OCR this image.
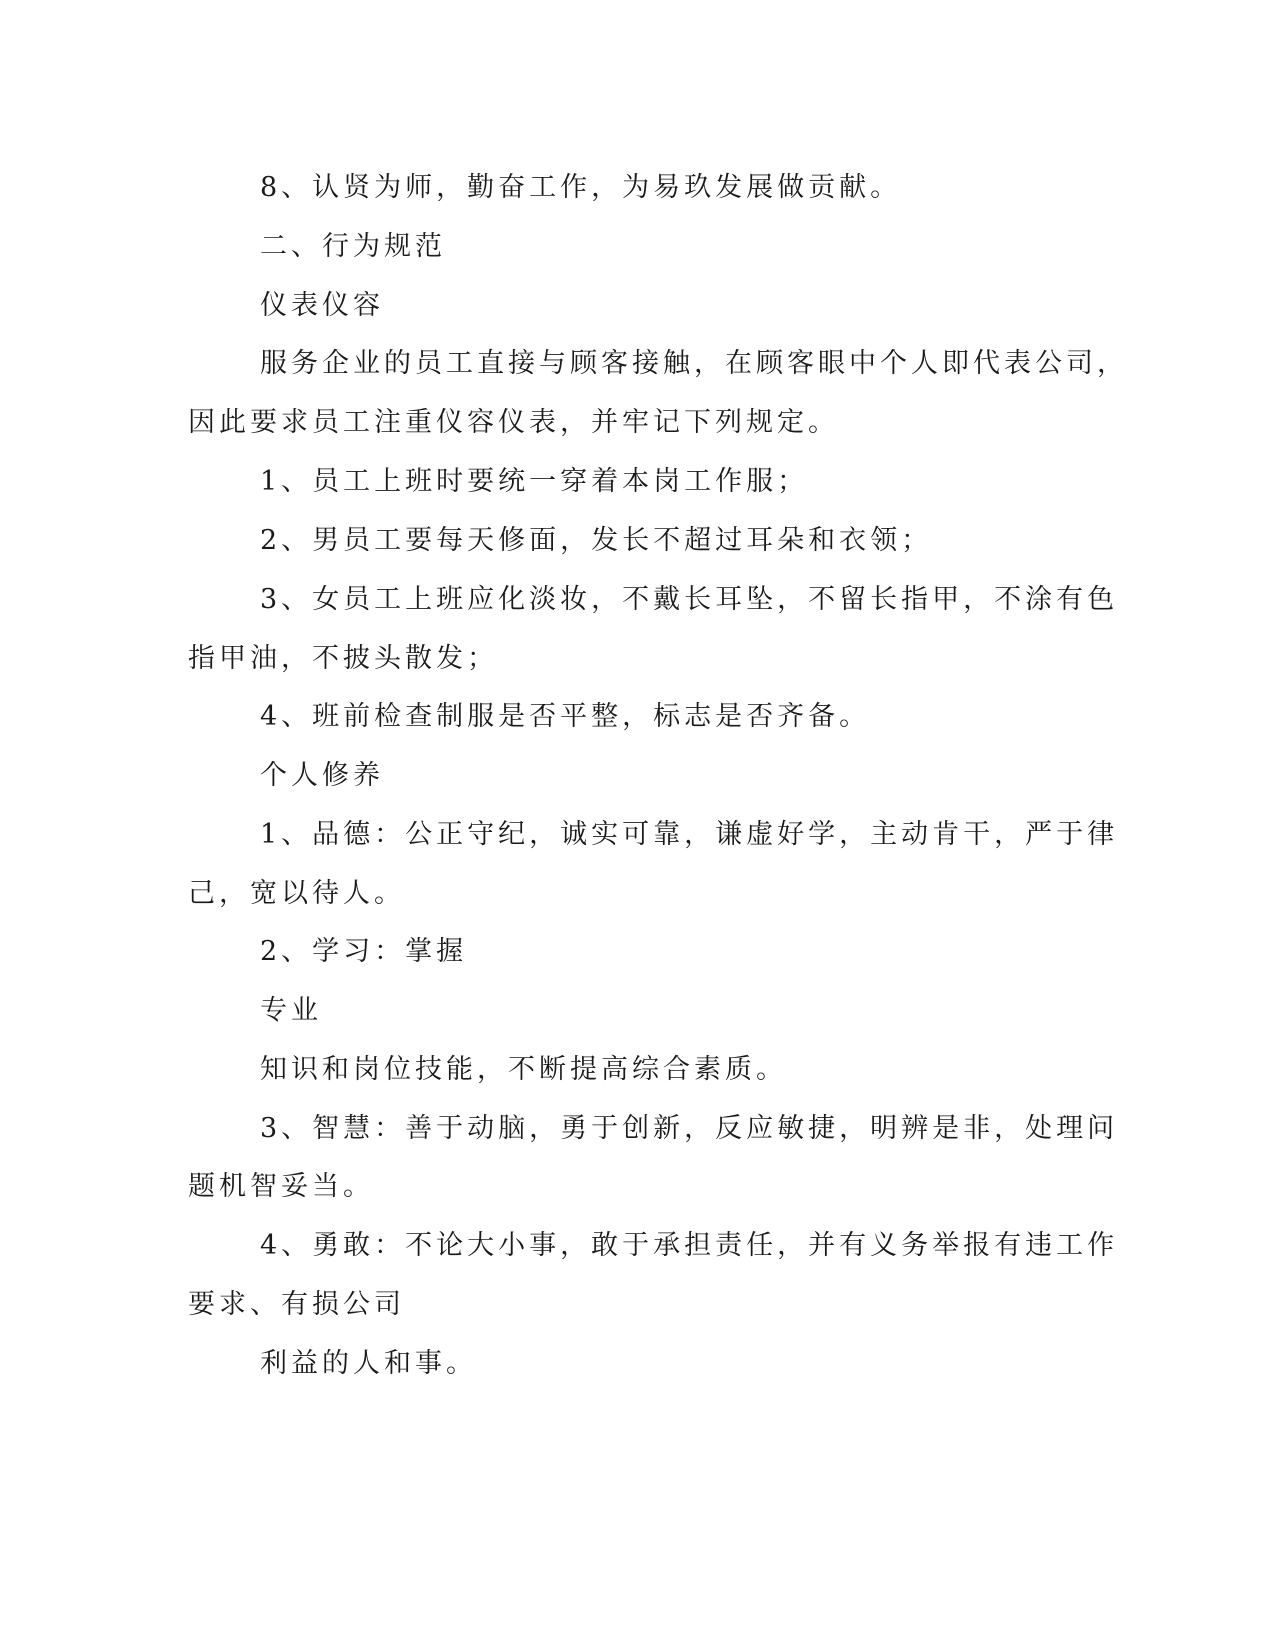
8、认贤为师，勤奋工作，为易玖发展做贡献。

二、行为规范

仪表仪容

服务企业的员工直接与顾客接触，在顾客眼中个人即代表公司，

因此要求员工注重仪容仪表，并牢记下列规定。

1、员工上班时要统一穿着本岗工作服；

2、男员工要每天修面，发长不超过耳朵和衣领；

3、女员工上班应化淡妆，不戴长耳坠，不留长指甲，不涂有色

指甲油，不披头散发；

4、班前检查制服是否平整，标志是否齐备。

个人修养

1、品德：公正守纪，诚实可靠，谦虚好学，主动肯干，严于律

己，宽以待人。

2、学习：掌握

专业

知识和岗位技能，不断提高综合素质。

3、智慧：善于动脑，勇于创新，反应敏捷，明辨是非，处理问

题机智妥当。

4、勇敢：不论大小事，敢于承担责任，并有义务举报有违工作

要求、有损公司

利益的人和事。
